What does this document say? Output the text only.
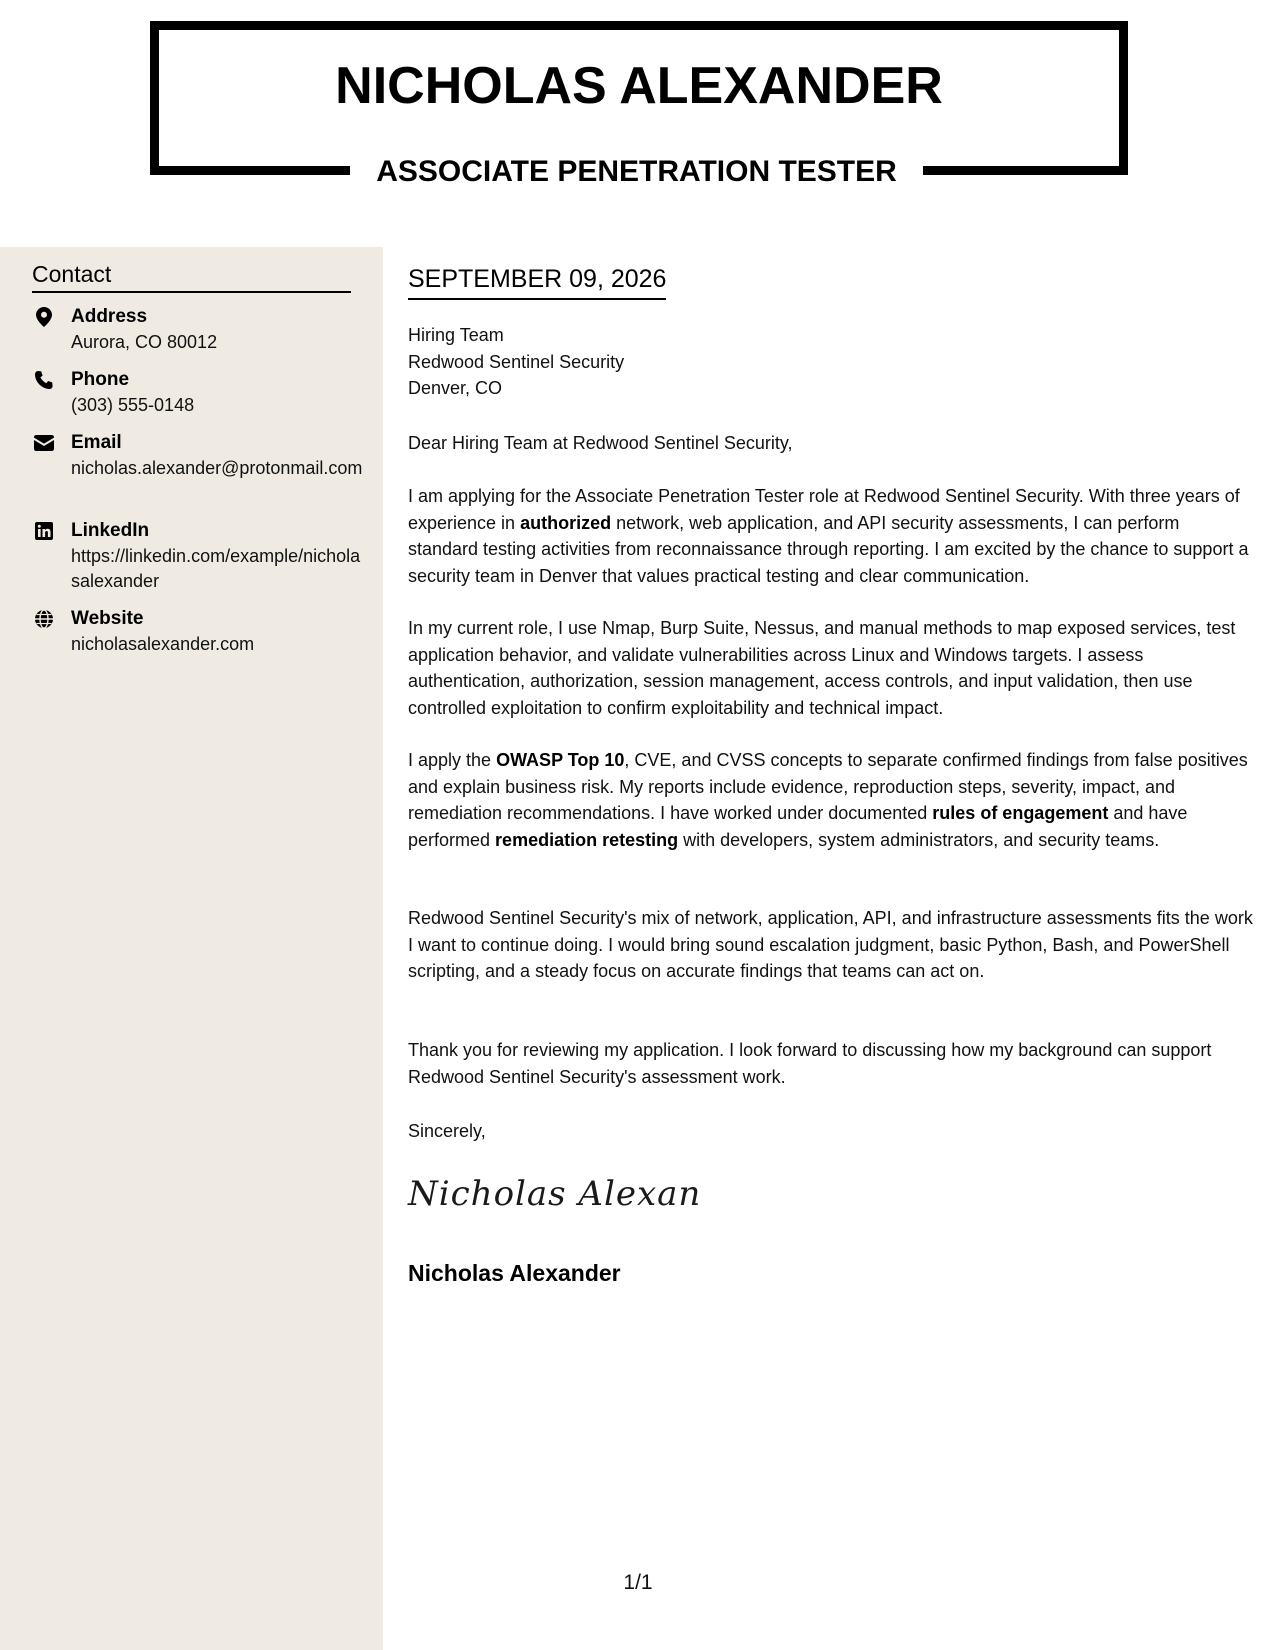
NICHOLAS ALEXANDER
ASSOCIATE PENETRATION TESTER
Contact
Address
Aurora, CO 80012
Phone
(303) 555-0148
Email
nicholas.alexander@protonmail.com
LinkedIn
https://linkedin.com/example/nicholasalexander
Website
nicholasalexander.com
SEPTEMBER 09, 2026
Hiring Team
Redwood Sentinel Security
Denver, CO
Dear Hiring Team at Redwood Sentinel Security,
I am applying for the Associate Penetration Tester role at Redwood Sentinel Security. With three years of experience in authorized network, web application, and API security assessments, I can perform standard testing activities from reconnaissance through reporting. I am excited by the chance to support a security team in Denver that values practical testing and clear communication.
In my current role, I use Nmap, Burp Suite, Nessus, and manual methods to map exposed services, test application behavior, and validate vulnerabilities across Linux and Windows targets. I assess authentication, authorization, session management, access controls, and input validation, then use controlled exploitation to confirm exploitability and technical impact.
I apply the OWASP Top 10, CVE, and CVSS concepts to separate confirmed findings from false positives and explain business risk. My reports include evidence, reproduction steps, severity, impact, and remediation recommendations. I have worked under documented rules of engagement and have performed remediation retesting with developers, system administrators, and security teams.
Redwood Sentinel Security's mix of network, application, API, and infrastructure assessments fits the work I want to continue doing. I would bring sound escalation judgment, basic Python, Bash, and PowerShell scripting, and a steady focus on accurate findings that teams can act on.
Thank you for reviewing my application. I look forward to discussing how my background can support Redwood Sentinel Security's assessment work.
Sincerely,
Nicholas Alexan
Nicholas Alexander
1/1
